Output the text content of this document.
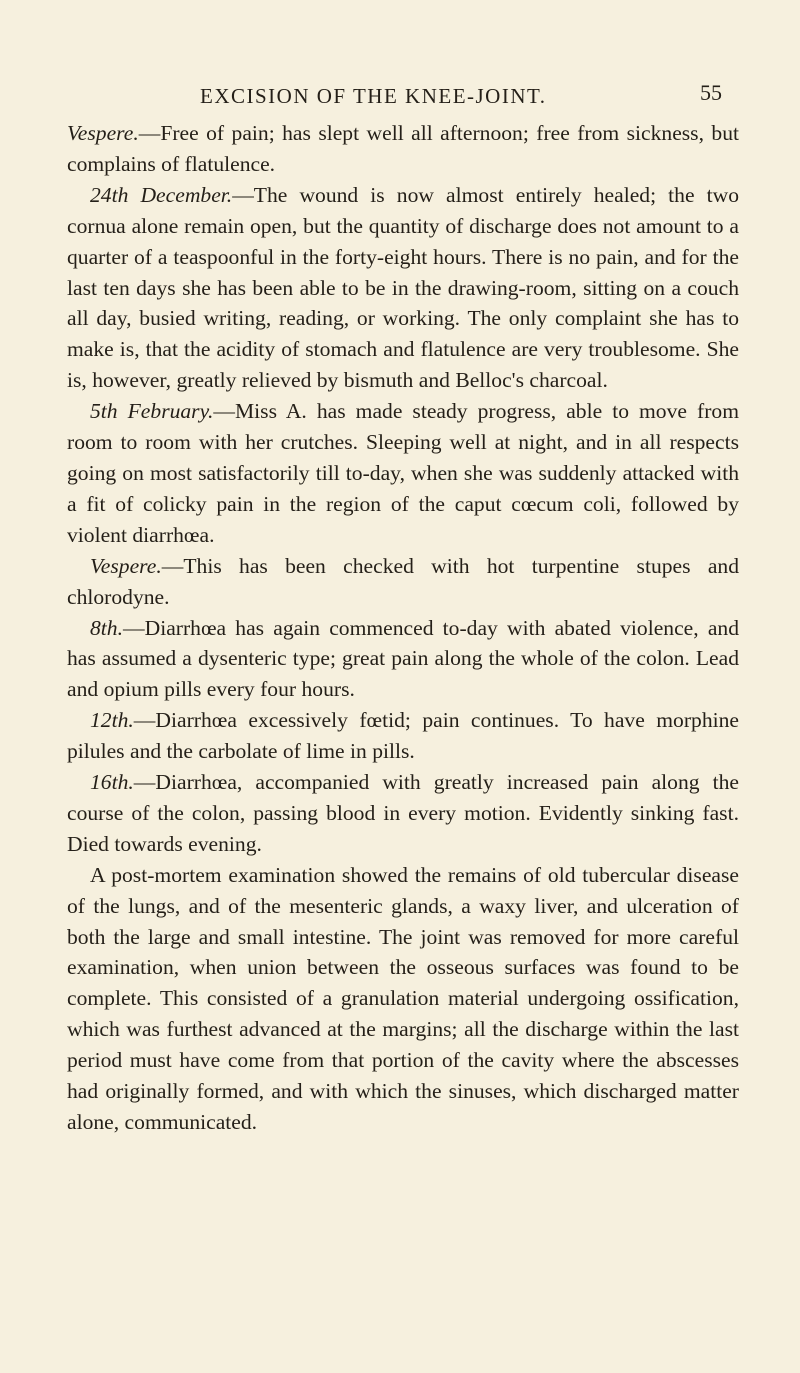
EXCISION OF THE KNEE-JOINT.	55

Vespere.—Free of pain; has slept well all afternoon; free from sickness, but complains of flatulence.

24th December.—The wound is now almost entirely healed; the two cornua alone remain open, but the quantity of discharge does not amount to a quarter of a teaspoonful in the forty-eight hours. There is no pain, and for the last ten days she has been able to be in the drawing-room, sitting on a couch all day, busied writing, reading, or working. The only complaint she has to make is, that the acidity of stomach and flatulence are very troublesome. She is, however, greatly relieved by bismuth and Belloc's charcoal.

5th February.—Miss A. has made steady progress, able to move from room to room with her crutches. Sleeping well at night, and in all respects going on most satisfactorily till to-day, when she was suddenly attacked with a fit of colicky pain in the region of the caput cœcum coli, followed by violent diarrhœa.

Vespere.—This has been checked with hot turpentine stupes and chlorodyne.

8th.—Diarrhœa has again commenced to-day with abated violence, and has assumed a dysenteric type; great pain along the whole of the colon. Lead and opium pills every four hours.

12th.—Diarrhœa excessively fœtid; pain continues. To have morphine pilules and the carbolate of lime in pills.

16th.—Diarrhœa, accompanied with greatly increased pain along the course of the colon, passing blood in every motion. Evidently sinking fast. Died towards evening.

A post-mortem examination showed the remains of old tubercular disease of the lungs, and of the mesenteric glands, a waxy liver, and ulceration of both the large and small intestine. The joint was removed for more careful examination, when union between the osseous surfaces was found to be complete. This consisted of a granulation material undergoing ossification, which was furthest advanced at the margins; all the discharge within the last period must have come from that portion of the cavity where the abscesses had originally formed, and with which the sinuses, which discharged matter alone, communicated.
